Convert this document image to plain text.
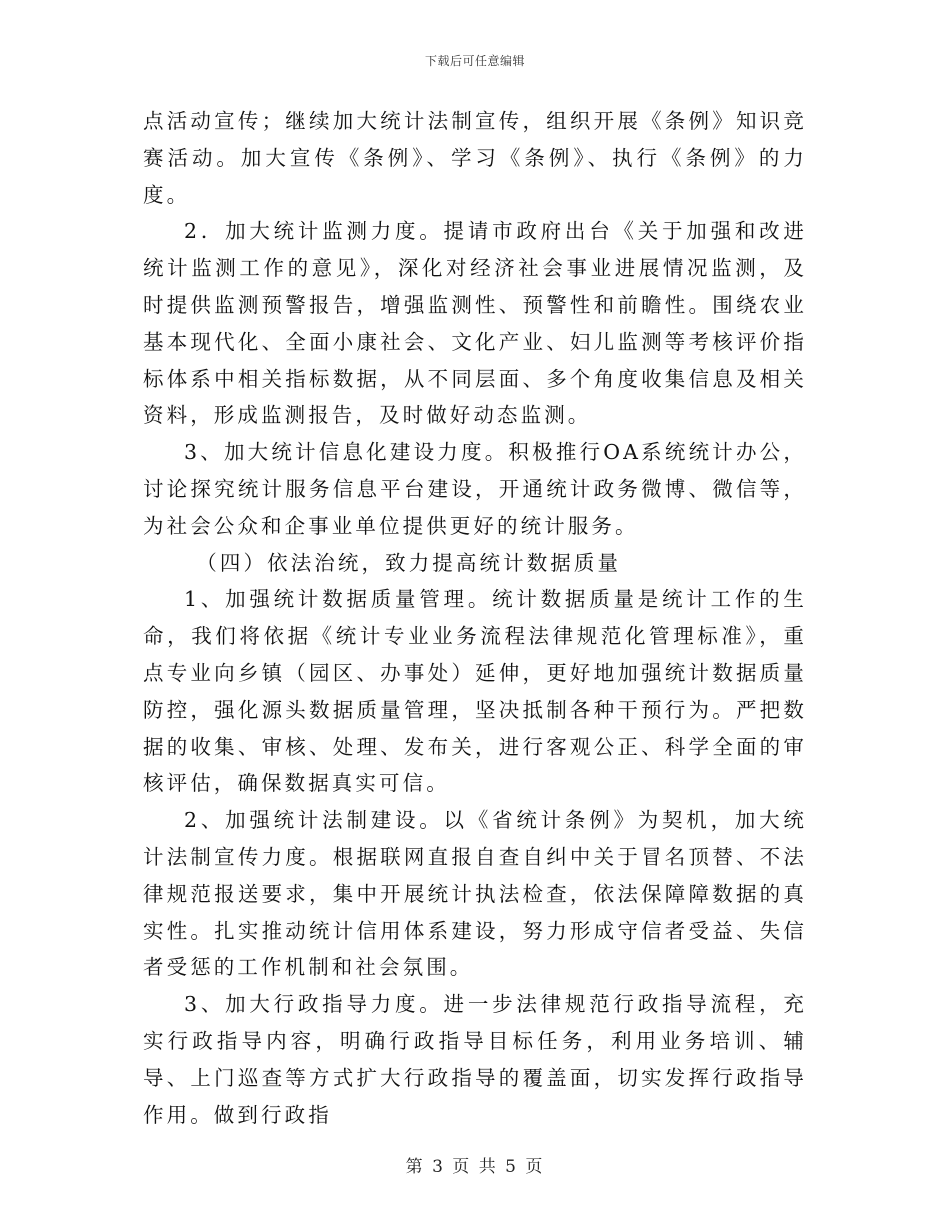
下载后可任意编辑

点活动宣传；继续加大统计法制宣传，组织开展《条例》知识竞赛活动。加大宣传《条例》、学习《条例》、执行《条例》的力度。

2．加大统计监测力度。提请市政府出台《关于加强和改进统计监测工作的意见》，深化对经济社会事业进展情况监测，及时提供监测预警报告，增强监测性、预警性和前瞻性。围绕农业基本现代化、全面小康社会、文化产业、妇儿监测等考核评价指标体系中相关指标数据，从不同层面、多个角度收集信息及相关资料，形成监测报告，及时做好动态监测。

3、加大统计信息化建设力度。积极推行OA系统统计办公，讨论探究统计服务信息平台建设，开通统计政务微博、微信等，为社会公众和企事业单位提供更好的统计服务。

（四）依法治统，致力提高统计数据质量

1、加强统计数据质量管理。统计数据质量是统计工作的生命，我们将依据《统计专业业务流程法律规范化管理标准》，重点专业向乡镇（园区、办事处）延伸，更好地加强统计数据质量防控，强化源头数据质量管理，坚决抵制各种干预行为。严把数据的收集、审核、处理、发布关，进行客观公正、科学全面的审核评估，确保数据真实可信。

2、加强统计法制建设。以《省统计条例》为契机，加大统计法制宣传力度。根据联网直报自查自纠中关于冒名顶替、不法律规范报送要求，集中开展统计执法检查，依法保障障数据的真实性。扎实推动统计信用体系建设，努力形成守信者受益、失信者受惩的工作机制和社会氛围。

3、加大行政指导力度。进一步法律规范行政指导流程，充实行政指导内容，明确行政指导目标任务，利用业务培训、辅导、上门巡查等方式扩大行政指导的覆盖面，切实发挥行政指导作用。做到行政指

第 3 页 共 5 页
